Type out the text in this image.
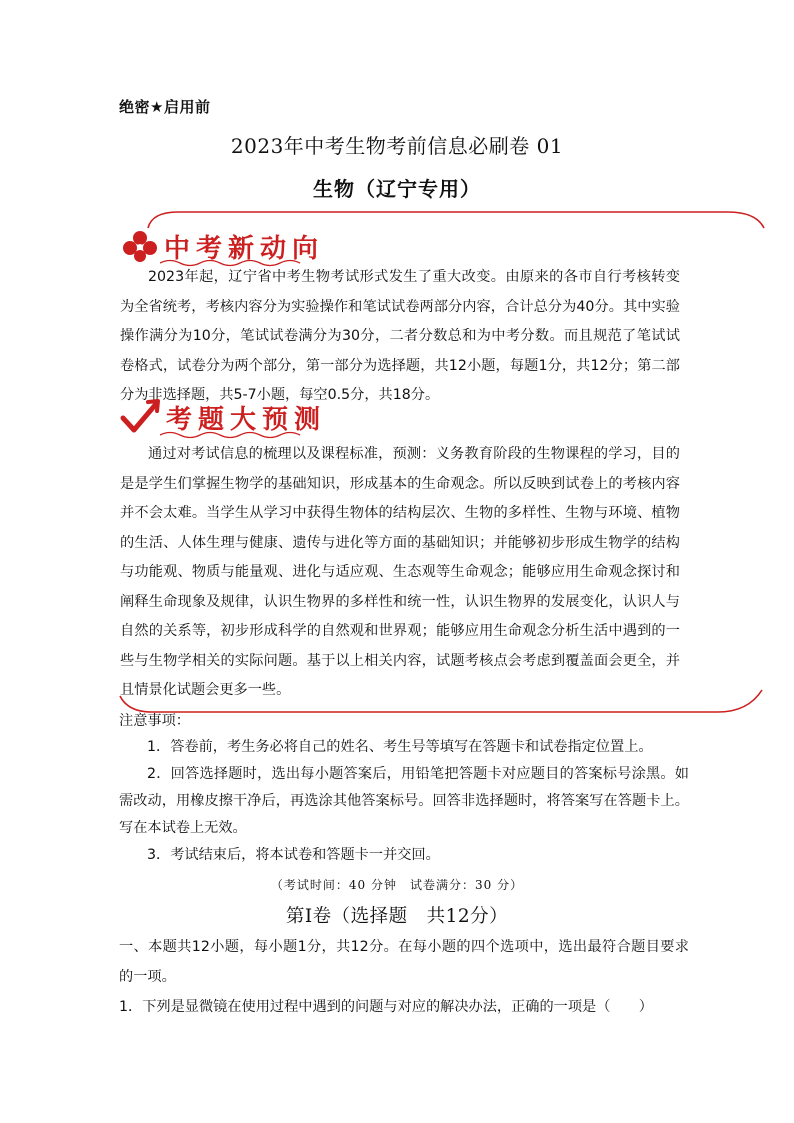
绝密★启用前
2023年中考生物考前信息必刷卷 01
生物（辽宁专用）
中考新动向
2023年起，辽宁省中考生物考试形式发生了重大改变。由原来的各市自行考核转变为全省统考，考核内容分为实验操作和笔试试卷两部分内容，合计总分为40分。其中实验操作满分为10分，笔试试卷满分为30分，二者分数总和为中考分数。而且规范了笔试试卷格式，试卷分为两个部分，第一部分为选择题，共12小题，每题1分，共12分；第二部分为非选择题，共5-7小题，每空0.5分，共18分。
考题大预测
通过对考试信息的梳理以及课程标准，预测：义务教育阶段的生物课程的学习，目的是是学生们掌握生物学的基础知识，形成基本的生命观念。所以反映到试卷上的考核内容并不会太难。当学生从学习中获得生物体的结构层次、生物的多样性、生物与环境、植物的生活、人体生理与健康、遗传与进化等方面的基础知识；并能够初步形成生物学的结构与功能观、物质与能量观、进化与适应观、生态观等生命观念；能够应用生命观念探讨和阐释生命现象及规律，认识生物界的多样性和统一性，认识生物界的发展变化，认识人与自然的关系等，初步形成科学的自然观和世界观；能够应用生命观念分析生活中遇到的一些与生物学相关的实际问题。基于以上相关内容，试题考核点会考虑到覆盖面会更全，并且情景化试题会更多一些。
注意事项：
1．答卷前，考生务必将自己的姓名、考生号等填写在答题卡和试卷指定位置上。
2．回答选择题时，选出每小题答案后，用铅笔把答题卡对应题目的答案标号涂黑。如需改动，用橡皮擦干净后，再选涂其他答案标号。回答非选择题时，将答案写在答题卡上。写在本试卷上无效。
3．考试结束后，将本试卷和答题卡一并交回。
（考试时间：40 分钟　试卷满分：30 分）
第Ⅰ卷（选择题　共12分）
一、本题共12小题，每小题1分，共12分。在每小题的四个选项中，选出最符合题目要求的一项。
1．下列是显微镜在使用过程中遇到的问题与对应的解决办法，正确的一项是（　　）
